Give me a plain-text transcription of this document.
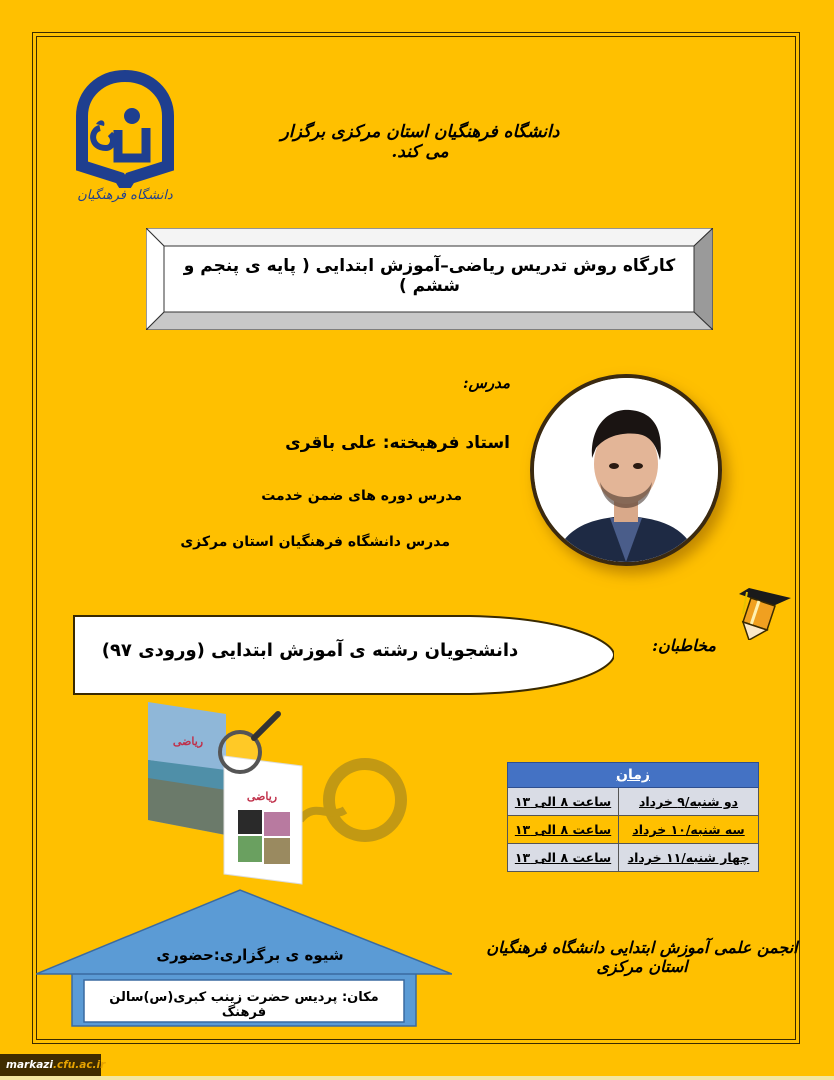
دانشگاه فرهنگیان
دانشگاه فرهنگیان استان مرکزی برگزار می کند.
کارگاه روش تدریس ریاضی–آموزش ابتدایی ( پایه ی پنجم و ششم )
مدرس:
استاد فرهیخته: علی باقری
مدرس دوره های ضمن خدمت
مدرس دانشگاه فرهنگیان استان مرکزی
مخاطبان:
دانشجویان رشته ی آموزش ابتدایی (ورودی ۹۷)
ریاضی
ریاضی
زمان	
دو شنبه/۹ خرداد	ساعت ۸ الی ۱۳
سه شنبه/۱۰ خرداد	ساعت ۸ الی ۱۳
چهار شنبه/۱۱ خرداد	ساعت ۸ الی ۱۳
انجمن علمی آموزش ابتدایی دانشگاه فرهنگیان استان مرکزی
شیوه ی برگزاری:حضوری
مکان: پردیس حضرت زینب کبری(س)سالن فرهنگ
markazi.cfu.ac.ir
